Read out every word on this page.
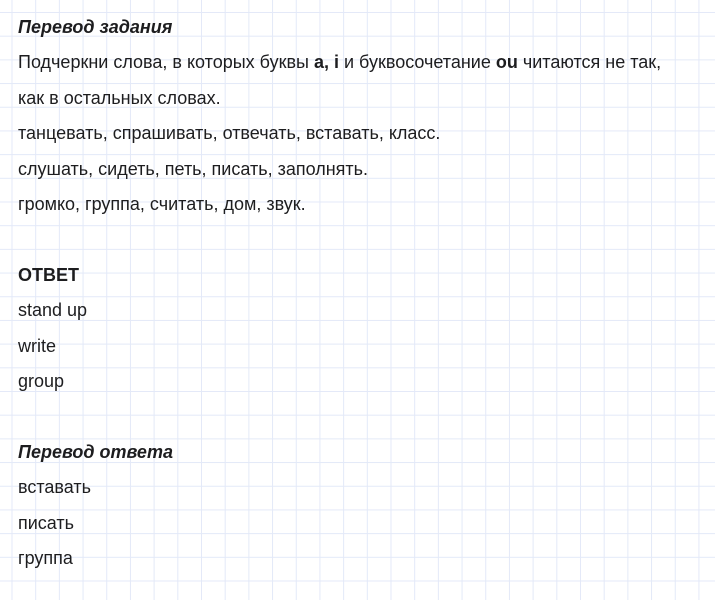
Перевод задания

Подчеркни слова, в которых буквы a, i и буквосочетание ou читаются не так, как в остальных словах.

танцевать, спрашивать, отвечать, вставать, класс.

слушать, сидеть, петь, писать, заполнять.

громко, группа, считать, дом, звук.

ОТВЕТ

stand up

write

group

Перевод ответа

вставать

писать

группа
